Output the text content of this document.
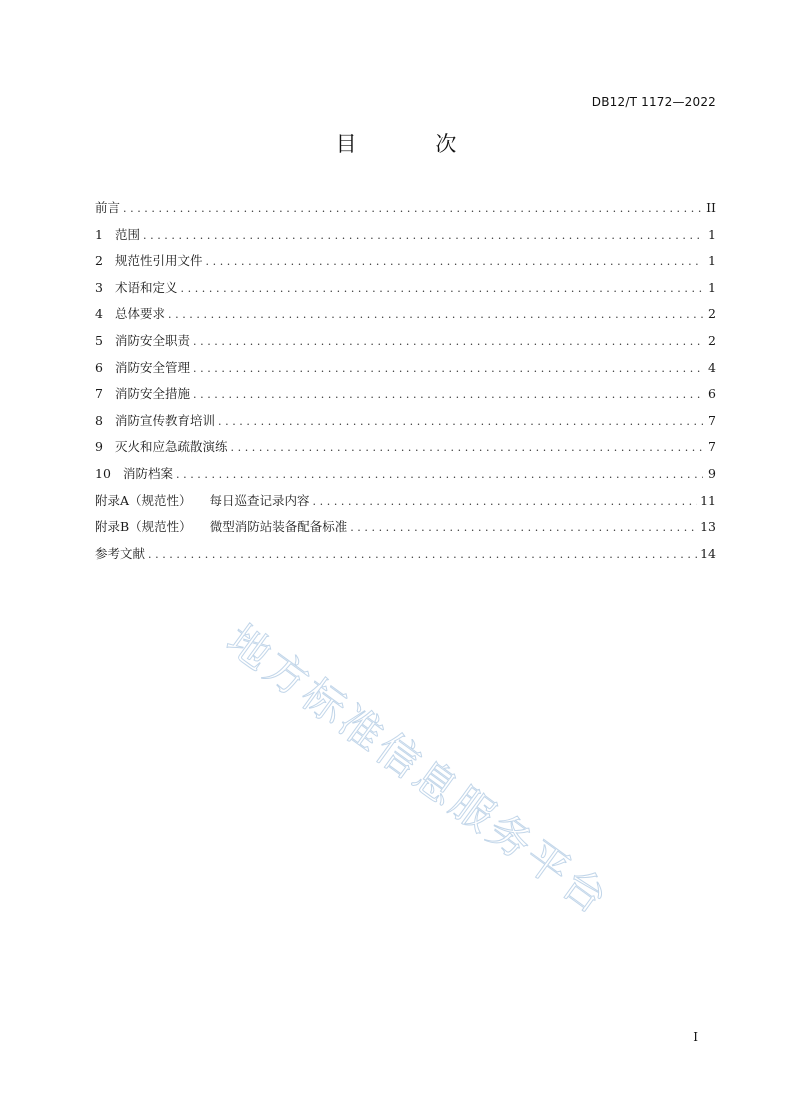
DB12/T 1172—2022
目 次
前言 .....	II
1 范围 .....	1
2 规范性引用文件 .....	1
3 术语和定义 .....	1
4 总体要求 .....	2
5 消防安全职责 .....	2
6 消防安全管理 .....	4
7 消防安全措施 .....	6
8 消防宣传教育培训 .....	7
9 灭火和应急疏散演练 .....	7
10 消防档案 .....	9
附录A（规范性） 每日巡查记录内容 .....	11
附录B（规范性） 微型消防站装备配备标准 .....	13
参考文献 .....	14
地方标准信息服务平台
I
